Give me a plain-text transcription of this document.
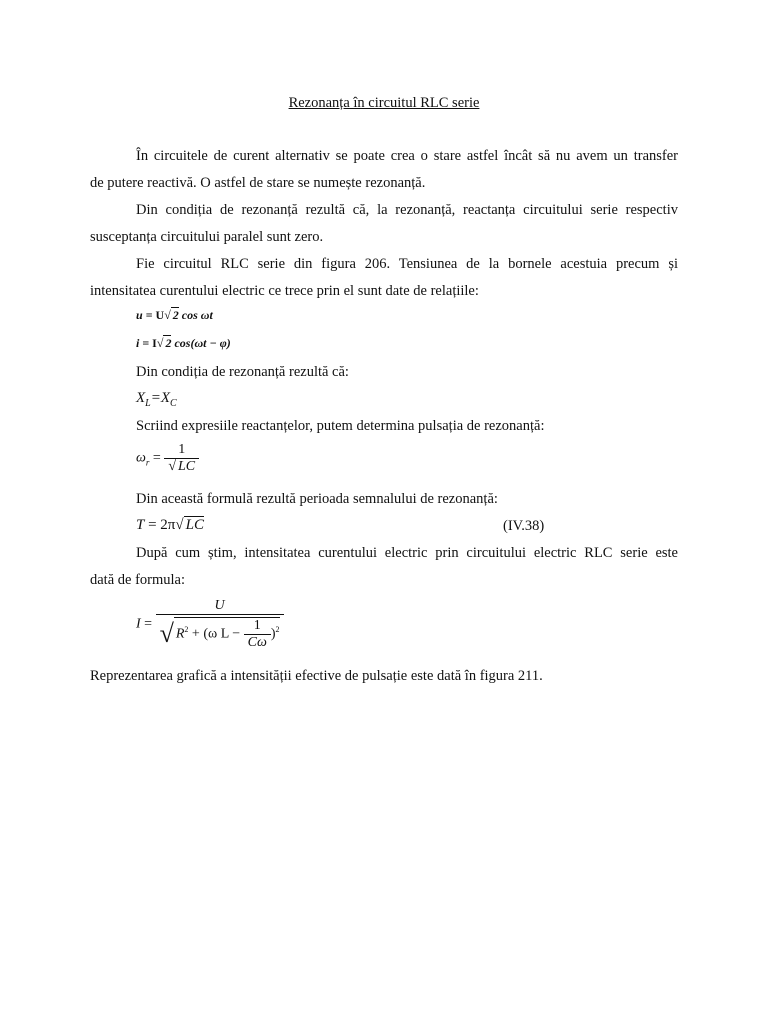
Rezonanța în circuitul RLC serie
În circuitele de curent alternativ se poate crea o stare astfel încât să nu avem un transfer
de putere reactivă. O astfel de stare se numește rezonanță.
Din condiția de rezonanță rezultă că, la rezonanță, reactanța circuitului serie respectiv
susceptanța circuitului paralel sunt zero.
Fie circuitul RLC serie din figura 206. Tensiunea de la bornele acestuia precum și
intensitatea curentului electric ce trece prin el sunt date de relațiile:
u = U√ 2 cos ωt
i = I√ 2 cos(ωt − φ)
Din condiția de rezonanță rezultă că:
$X_L=X_C$
Scriind expresiile reactanțelor, putem determina pulsația de rezonanță:
$\omega_r = \frac{1}{√ LC}$
Din această formulă rezultă perioada semnalului de rezonanță:
T = 2π√ LC	(IV.38)
După cum știm, intensitatea curentului electric prin circuitului electric RLC serie este
dată de formula:
$I = \frac{U}{√ R^2 + (\omega L - \frac{1}{C\omega} )^2}$
Reprezentarea grafică a intensității efective de pulsație este dată în figura 211.
